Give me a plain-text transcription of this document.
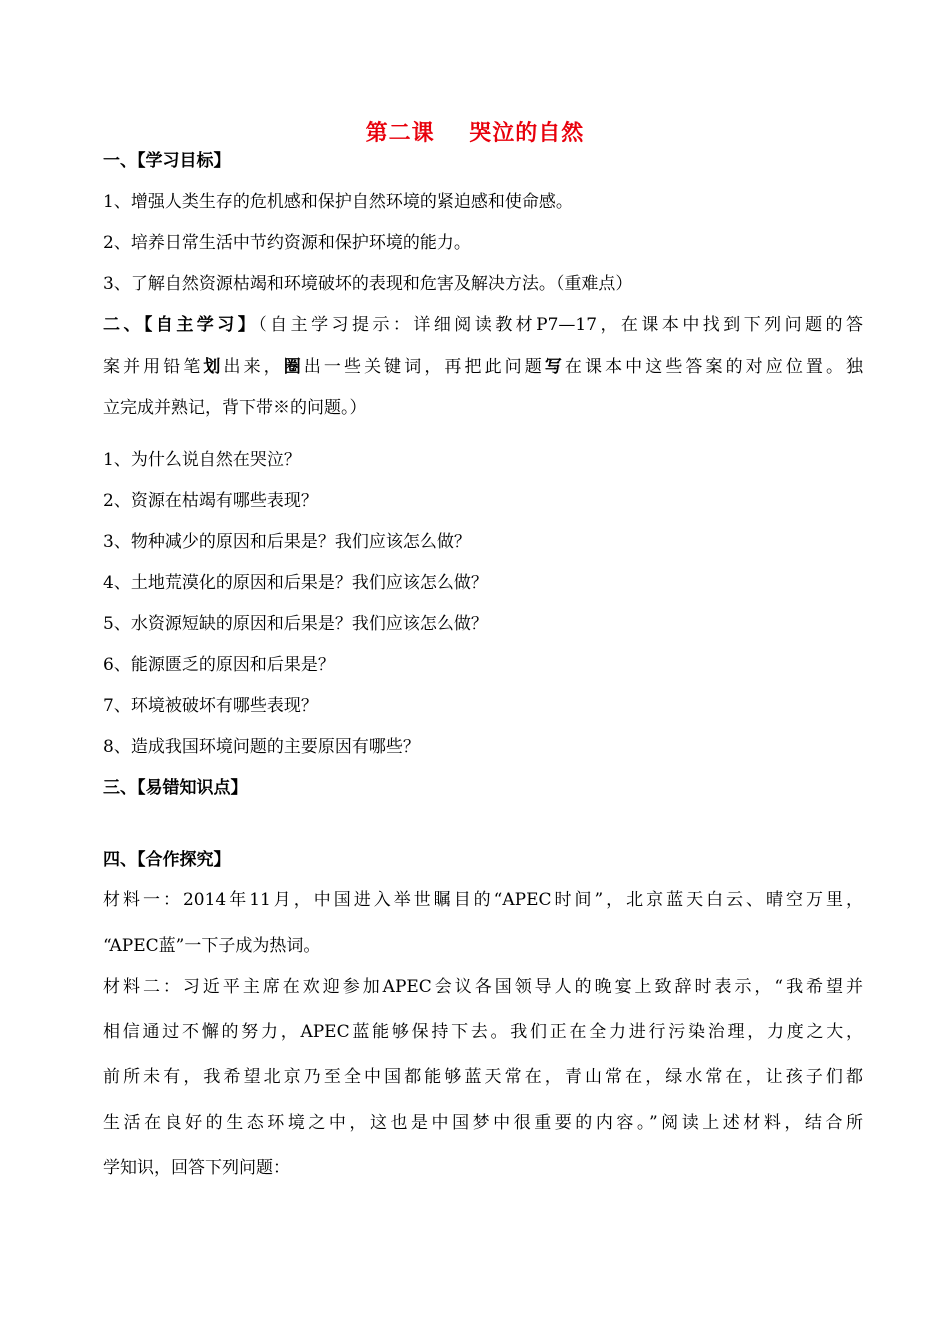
第二课    哭泣的自然
一、【学习目标】
1、增强人类生存的危机感和保护自然环境的紧迫感和使命感。
2、培养日常生活中节约资源和保护环境的能力。
3、了解自然资源枯竭和环境破坏的表现和危害及解决方法。（重难点）
二、【自主学习】（自主学习提示：详细阅读教材P7—17，在课本中找到下列问题的答
案并用铅笔划出来，圈出一些关键词，再把此问题写在课本中这些答案的对应位置。独
立完成并熟记，背下带※的问题。）
1、为什么说自然在哭泣？
2、资源在枯竭有哪些表现？
3、物种减少的原因和后果是？我们应该怎么做？
4、土地荒漠化的原因和后果是？我们应该怎么做？
5、水资源短缺的原因和后果是？我们应该怎么做？
6、能源匮乏的原因和后果是？
7、环境被破坏有哪些表现？
8、造成我国环境问题的主要原因有哪些？
三、【易错知识点】
四、【合作探究】
材料一：2014年11月，中国进入举世瞩目的“APEC时间”，北京蓝天白云、晴空万里，
“APEC蓝”一下子成为热词。
材料二：习近平主席在欢迎参加APEC会议各国领导人的晚宴上致辞时表示，“我希望并
相信通过不懈的努力，APEC蓝能够保持下去。我们正在全力进行污染治理，力度之大，
前所未有，我希望北京乃至全中国都能够蓝天常在，青山常在，绿水常在，让孩子们都
生活在良好的生态环境之中，这也是中国梦中很重要的内容。”阅读上述材料，结合所
学知识，回答下列问题：
